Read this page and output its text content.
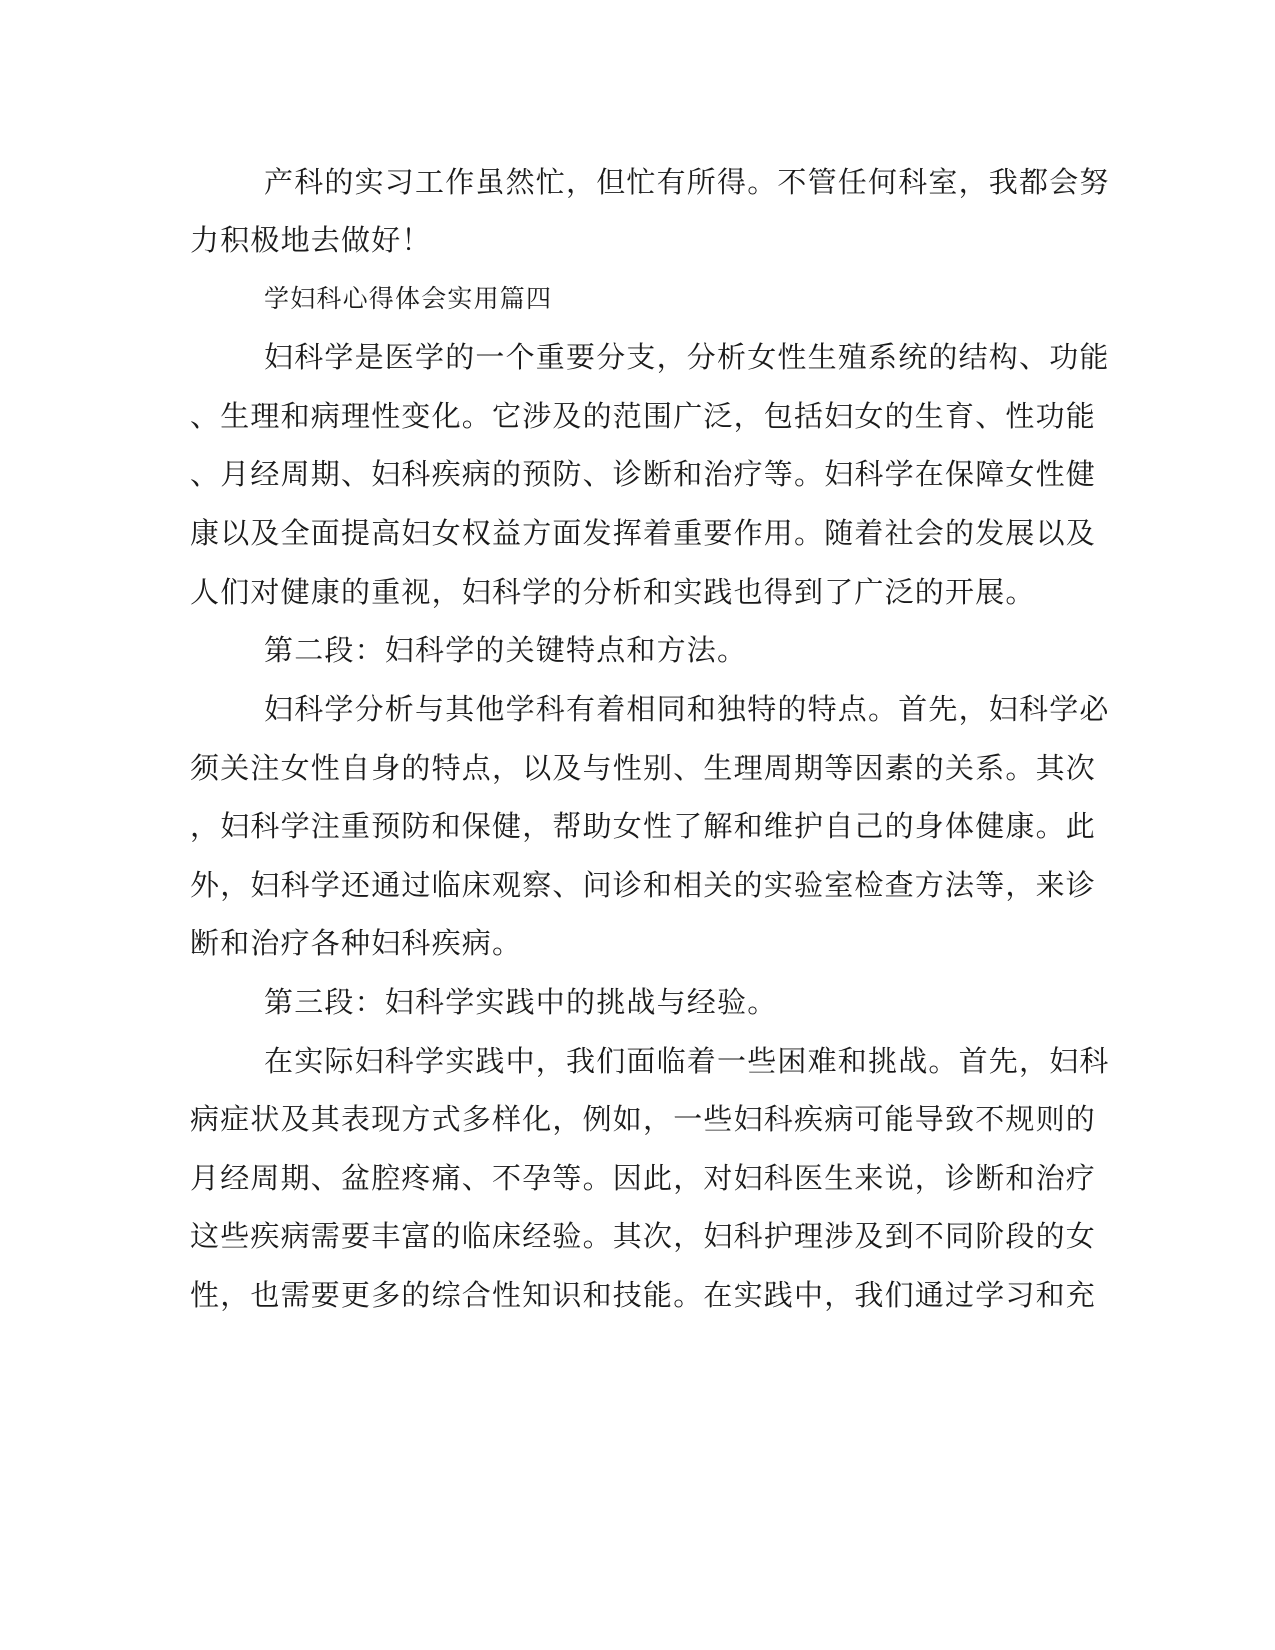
产科的实习工作虽然忙，但忙有所得。不管任何科室，我都会努
力积极地去做好！
学妇科心得体会实用篇四
妇科学是医学的一个重要分支，分析女性生殖系统的结构、功能
、生理和病理性变化。它涉及的范围广泛，包括妇女的生育、性功能
、月经周期、妇科疾病的预防、诊断和治疗等。妇科学在保障女性健
康以及全面提高妇女权益方面发挥着重要作用。随着社会的发展以及
人们对健康的重视，妇科学的分析和实践也得到了广泛的开展。
第二段：妇科学的关键特点和方法。
妇科学分析与其他学科有着相同和独特的特点。首先，妇科学必
须关注女性自身的特点，以及与性别、生理周期等因素的关系。其次
，妇科学注重预防和保健，帮助女性了解和维护自己的身体健康。此
外，妇科学还通过临床观察、问诊和相关的实验室检查方法等，来诊
断和治疗各种妇科疾病。
第三段：妇科学实践中的挑战与经验。
在实际妇科学实践中，我们面临着一些困难和挑战。首先，妇科
病症状及其表现方式多样化，例如，一些妇科疾病可能导致不规则的
月经周期、盆腔疼痛、不孕等。因此，对妇科医生来说，诊断和治疗
这些疾病需要丰富的临床经验。其次，妇科护理涉及到不同阶段的女
性，也需要更多的综合性知识和技能。在实践中，我们通过学习和充
